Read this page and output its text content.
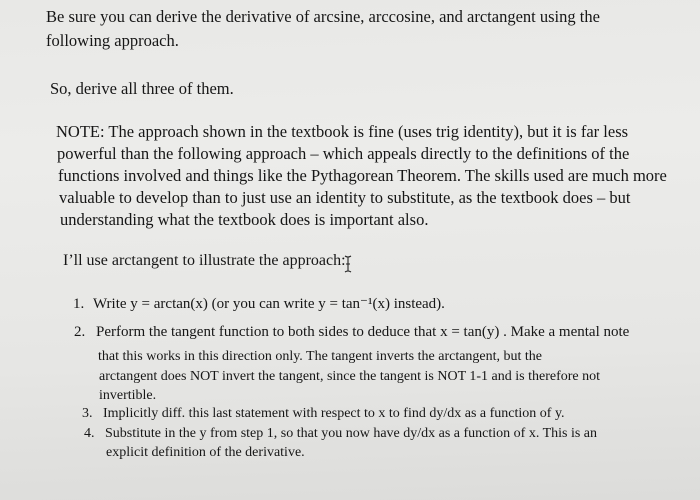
Be sure you can derive the derivative of arcsine, arccosine, and arctangent using the
following approach.
So, derive all three of them.
NOTE: The approach shown in the textbook is fine (uses trig identity), but it is far less
powerful than the following approach – which appeals directly to the definitions of the
functions involved and things like the Pythagorean Theorem. The skills used are much more
valuable to develop than to just use an identity to substitute, as the textbook does – but
understanding what the textbook does is important also.
I’ll use arctangent to illustrate the approach:
1. Write y = arctan(x) (or you can write y = tan⁻¹(x) instead).
2. Perform the tangent function to both sides to deduce that x = tan(y) . Make a mental note
that this works in this direction only. The tangent inverts the arctangent, but the
arctangent does NOT invert the tangent, since the tangent is NOT 1-1 and is therefore not
invertible.
3. Implicitly diff. this last statement with respect to x to find dy/dx as a function of y.
4. Substitute in the y from step 1, so that you now have dy/dx as a function of x. This is an
explicit definition of the derivative.
